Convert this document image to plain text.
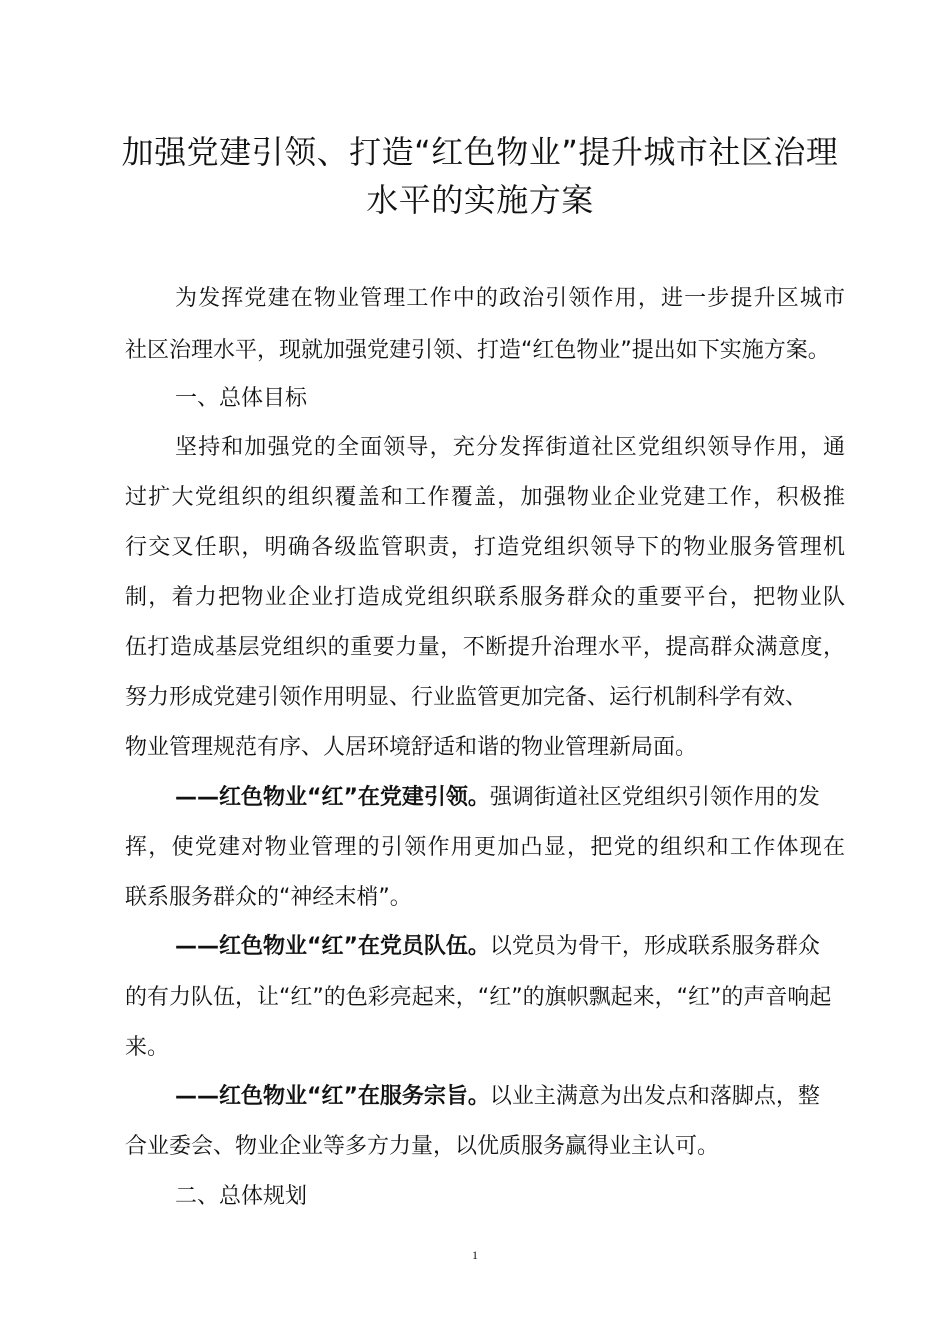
加强党建引领、打造“红色物业”提升城市社区治理
水平的实施方案
为发挥党建在物业管理工作中的政治引领作用，进一步提升区城市
社区治理水平，现就加强党建引领、打造“红色物业”提出如下实施方案。
一、总体目标
坚持和加强党的全面领导，充分发挥街道社区党组织领导作用，通
过扩大党组织的组织覆盖和工作覆盖，加强物业企业党建工作，积极推
行交叉任职，明确各级监管职责，打造党组织领导下的物业服务管理机
制，着力把物业企业打造成党组织联系服务群众的重要平台，把物业队
伍打造成基层党组织的重要力量，不断提升治理水平，提高群众满意度，
努力形成党建引领作用明显、行业监管更加完备、运行机制科学有效、
物业管理规范有序、人居环境舒适和谐的物业管理新局面。
——红色物业“红”在党建引领。强调街道社区党组织引领作用的发
挥，使党建对物业管理的引领作用更加凸显，把党的组织和工作体现在
联系服务群众的“神经末梢”。
——红色物业“红”在党员队伍。以党员为骨干，形成联系服务群众
的有力队伍，让“红”的色彩亮起来，“红”的旗帜飘起来，“红”的声音响起
来。
——红色物业“红”在服务宗旨。以业主满意为出发点和落脚点，整
合业委会、物业企业等多方力量，以优质服务赢得业主认可。
二、总体规划
1
